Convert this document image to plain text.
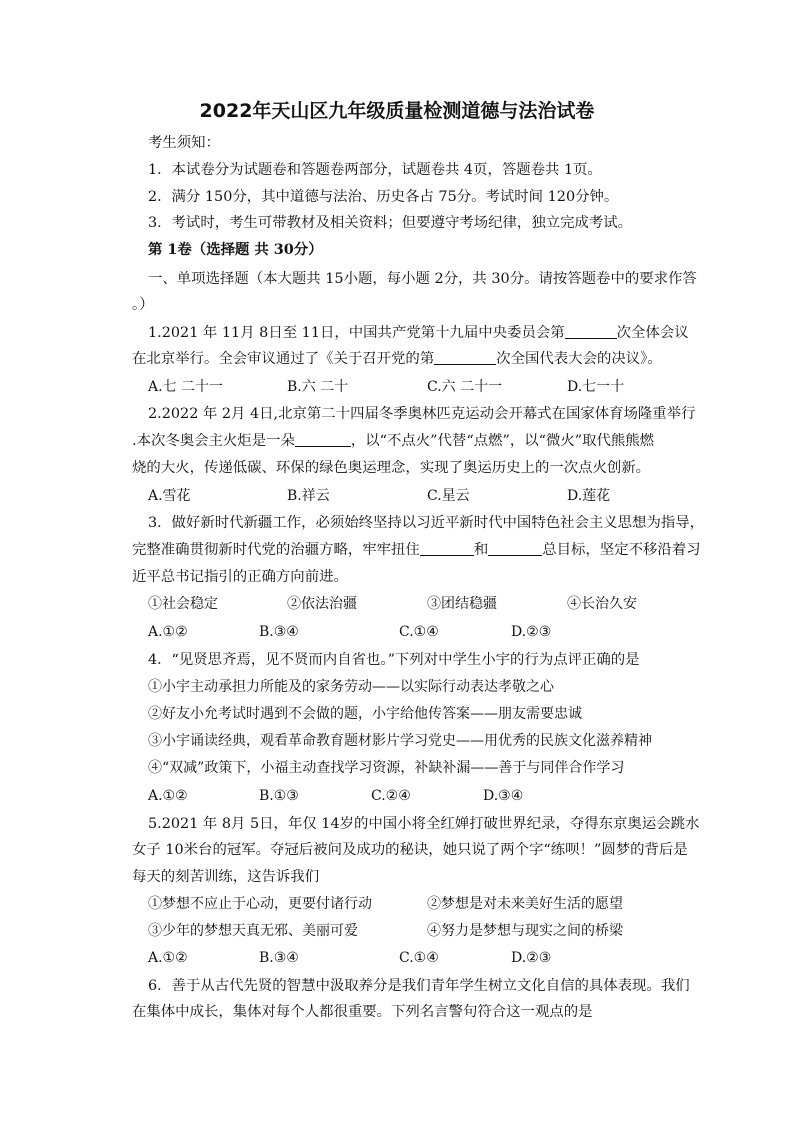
2022年天山区九年级质量检测道德与法治试卷
考生须知：
1．本试卷分为试题卷和答题卷两部分，试题卷共 4页，答题卷共 1页。
2．满分 150分，其中道德与法治、历史各占 75分。考试时间 120分钟。
3．考试时，考生可带教材及相关资料；但要遵守考场纪律，独立完成考试。
第 1卷（选择题 共 30分）
一、单项选择题（本大题共 15小题，每小题 2分，共 30分。请按答题卷中的要求作答
。）
1.2021 年 11月 8日至 11日，中国共产党第十九届中央委员会第	次全体会议
在北京举行。全会审议通过了《关于召开党的第	次全国代表大会的决议》。
A.七 二十一	B.六 二十	C.六 二十一	D.七一十
2.2022 年 2月 4日,北京第二十四届冬季奥林匹克运动会开幕式在国家体育场隆重举行
.本次冬奥会主火炬是一朵	，以“不点火”代替“点燃”，以“微火”取代熊熊燃
烧的大火，传递低碳、环保的绿色奥运理念，实现了奥运历史上的一次点火创新。
A.雪花	B.祥云	C.星云	D.莲花
3．做好新时代新疆工作，必须始终坚持以习近平新时代中国特色社会主义思想为指导，
完整准确贯彻新时代党的治疆方略，牢牢扭住	和	总目标，坚定不移沿着习
近平总书记指引的正确方向前进。
①社会稳定	②依法治疆	③团结稳疆	④长治久安
A.①②	B.③④	C.①④	D.②③
4．“见贤思齐焉，见不贤而内自省也。”下列对中学生小宇的行为点评正确的是
①小宇主动承担力所能及的家务劳动——以实际行动表达孝敬之心
②好友小允考试时遇到不会做的题，小宇给他传答案——朋友需要忠诚
③小宇诵读经典，观看革命教育题材影片学习党史——用优秀的民族文化滋养精神
④“双减”政策下，小福主动查找学习资源，补缺补漏——善于与同伴合作学习
A.①②	B.①③	C.②④	D.③④
5.2021 年 8月 5日，年仅 14岁的中国小将全红婵打破世界纪录，夺得东京奥运会跳水
女子 10米台的冠军。夺冠后被问及成功的秘诀，她只说了两个字“练呗！”圆梦的背后是
每天的刻苦训练，这告诉我们
①梦想不应止于心动，更要付诸行动	②梦想是对未来美好生活的愿望
③少年的梦想天真无邪、美丽可爱	④努力是梦想与现实之间的桥梁
A.①②	B.③④	C.①④	D.②③
6．善于从古代先贤的智慧中汲取养分是我们青年学生树立文化自信的具体表现。我们
在集体中成长，集体对每个人都很重要。下列名言警句符合这一观点的是
